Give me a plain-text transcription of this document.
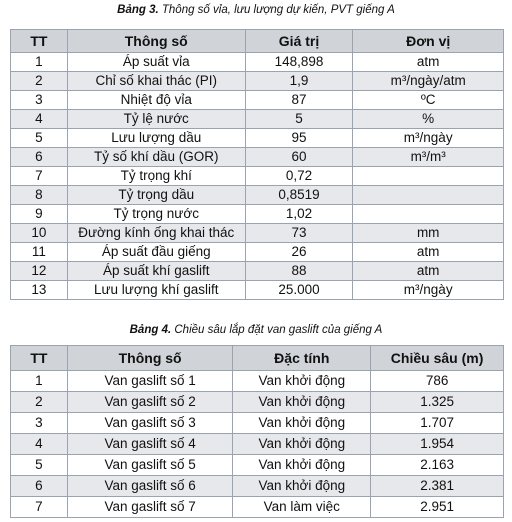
Bảng 3. Thông số vỉa, lưu lượng dự kiến, PVT giếng A

TT	Thông số	Giá trị	Đơn vị
1	Áp suất vỉa	148,898	atm
2	Chỉ số khai thác (PI)	1,9	m³/ngày/atm
3	Nhiệt độ vỉa	87	ºC
4	Tỷ lệ nước	5	%
5	Lưu lượng dầu	95	m³/ngày
6	Tỷ số khí dầu (GOR)	60	m³/m³
7	Tỷ trọng khí	0,72	
8	Tỷ trọng dầu	0,8519	
9	Tỷ trọng nước	1,02	
10	Đường kính ống khai thác	73	mm
11	Áp suất đầu giếng	26	atm
12	Áp suất khí gaslift	88	atm
13	Lưu lượng khí gaslift	25.000	m³/ngày

Bảng 4. Chiều sâu lắp đặt van gaslift của giếng A

TT	Thông số	Đặc tính	Chiều sâu (m)
1	Van gaslift số 1	Van khởi động	786
2	Van gaslift số 2	Van khởi động	1.325
3	Van gaslift số 3	Van khởi động	1.707
4	Van gaslift số 4	Van khởi động	1.954
5	Van gaslift số 5	Van khởi động	2.163
6	Van gaslift số 6	Van khởi động	2.381
7	Van gaslift số 7	Van làm việc	2.951
